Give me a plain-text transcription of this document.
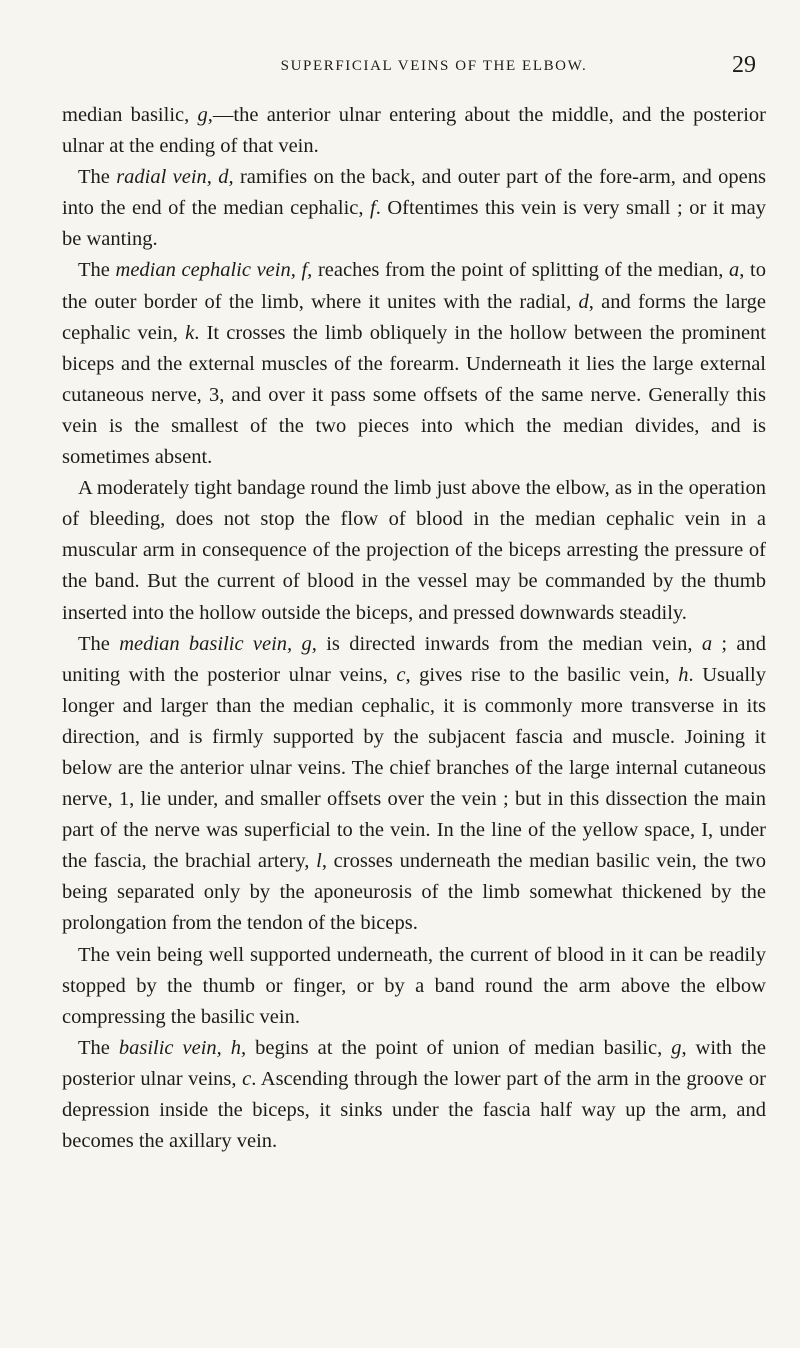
SUPERFICIAL VEINS OF THE ELBOW.	29

median basilic, g,—the anterior ulnar entering about the middle, and the posterior ulnar at the ending of that vein.

The radial vein, d, ramifies on the back, and outer part of the fore-arm, and opens into the end of the median cephalic, f. Oftentimes this vein is very small ; or it may be wanting.

The median cephalic vein, f, reaches from the point of splitting of the median, a, to the outer border of the limb, where it unites with the radial, d, and forms the large cephalic vein, k. It crosses the limb obliquely in the hollow between the prominent biceps and the external muscles of the forearm. Underneath it lies the large external cutaneous nerve, 3, and over it pass some offsets of the same nerve. Generally this vein is the smallest of the two pieces into which the median divides, and is sometimes absent.

A moderately tight bandage round the limb just above the elbow, as in the operation of bleeding, does not stop the flow of blood in the median cephalic vein in a muscular arm in consequence of the projection of the biceps arresting the pressure of the band. But the current of blood in the vessel may be commanded by the thumb inserted into the hollow outside the biceps, and pressed downwards steadily.

The median basilic vein, g, is directed inwards from the median vein, a ; and uniting with the posterior ulnar veins, c, gives rise to the basilic vein, h. Usually longer and larger than the median cephalic, it is commonly more transverse in its direction, and is firmly supported by the subjacent fascia and muscle. Joining it below are the anterior ulnar veins. The chief branches of the large internal cutaneous nerve, 1, lie under, and smaller offsets over the vein ; but in this dissection the main part of the nerve was superficial to the vein. In the line of the yellow space, I, under the fascia, the brachial artery, l, crosses underneath the median basilic vein, the two being separated only by the aponeurosis of the limb somewhat thickened by the prolongation from the tendon of the biceps.

The vein being well supported underneath, the current of blood in it can be readily stopped by the thumb or finger, or by a band round the arm above the elbow compressing the basilic vein.

The basilic vein, h, begins at the point of union of median basilic, g, with the posterior ulnar veins, c. Ascending through the lower part of the arm in the groove or depression inside the biceps, it sinks under the fascia half way up the arm, and becomes the axillary vein.
